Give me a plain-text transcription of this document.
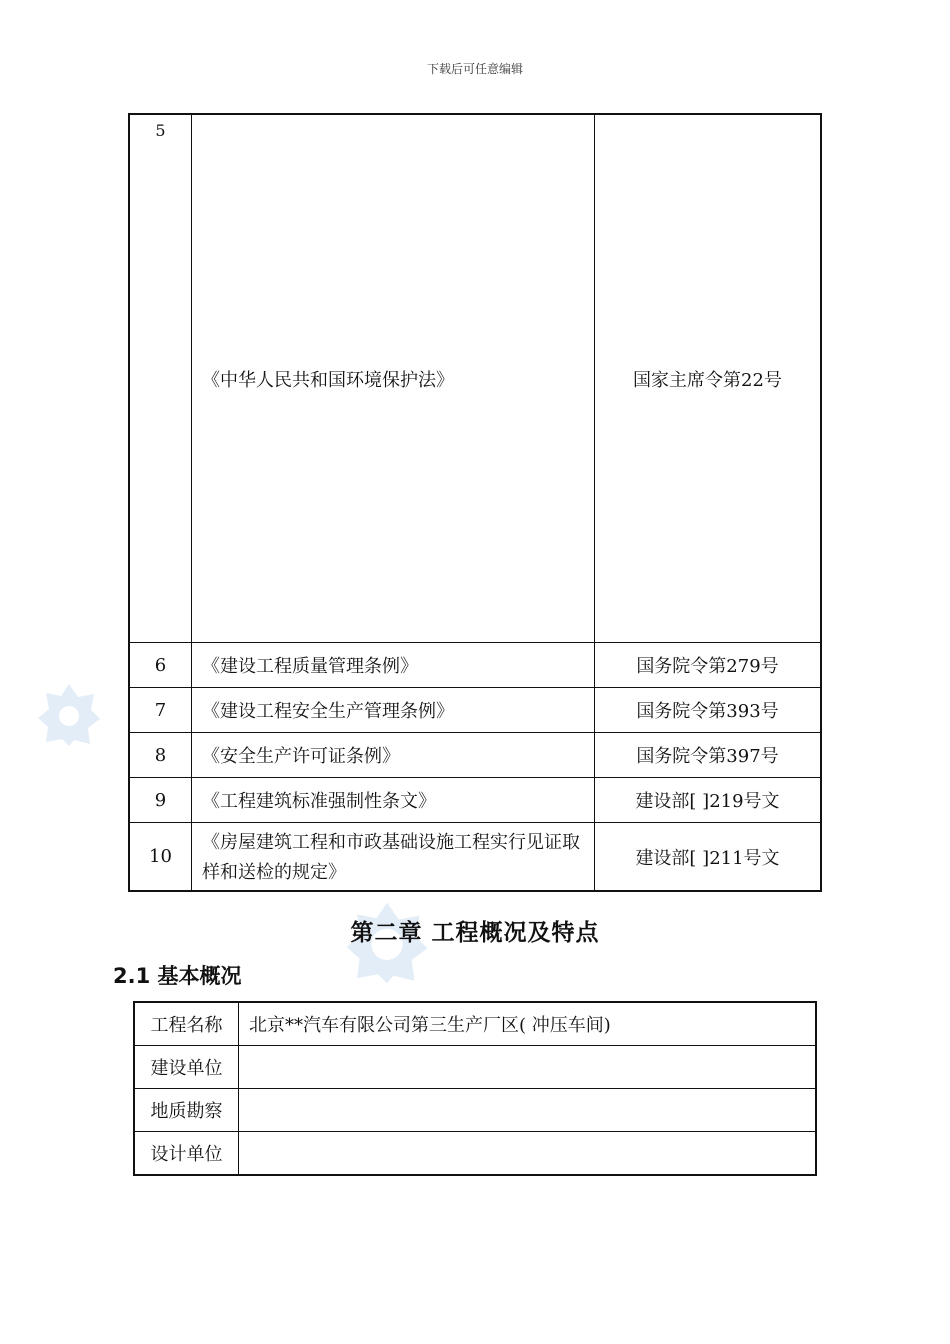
下载后可任意编辑
5	《中华人民共和国环境保护法》	国家主席令第22号
6	《建设工程质量管理条例》	国务院令第279号
7	《建设工程安全生产管理条例》	国务院令第393号
8	《安全生产许可证条例》	国务院令第397号
9	《工程建筑标准强制性条文》	建设部[ ]219号文
10	《房屋建筑工程和市政基础设施工程实行见证取样和送检的规定》	建设部[ ]211号文
第二章 工程概况及特点
2.1 基本概况
工程名称	北京**汽车有限公司第三生产厂区( 冲压车间)
建设单位	
地质勘察	
设计单位	
